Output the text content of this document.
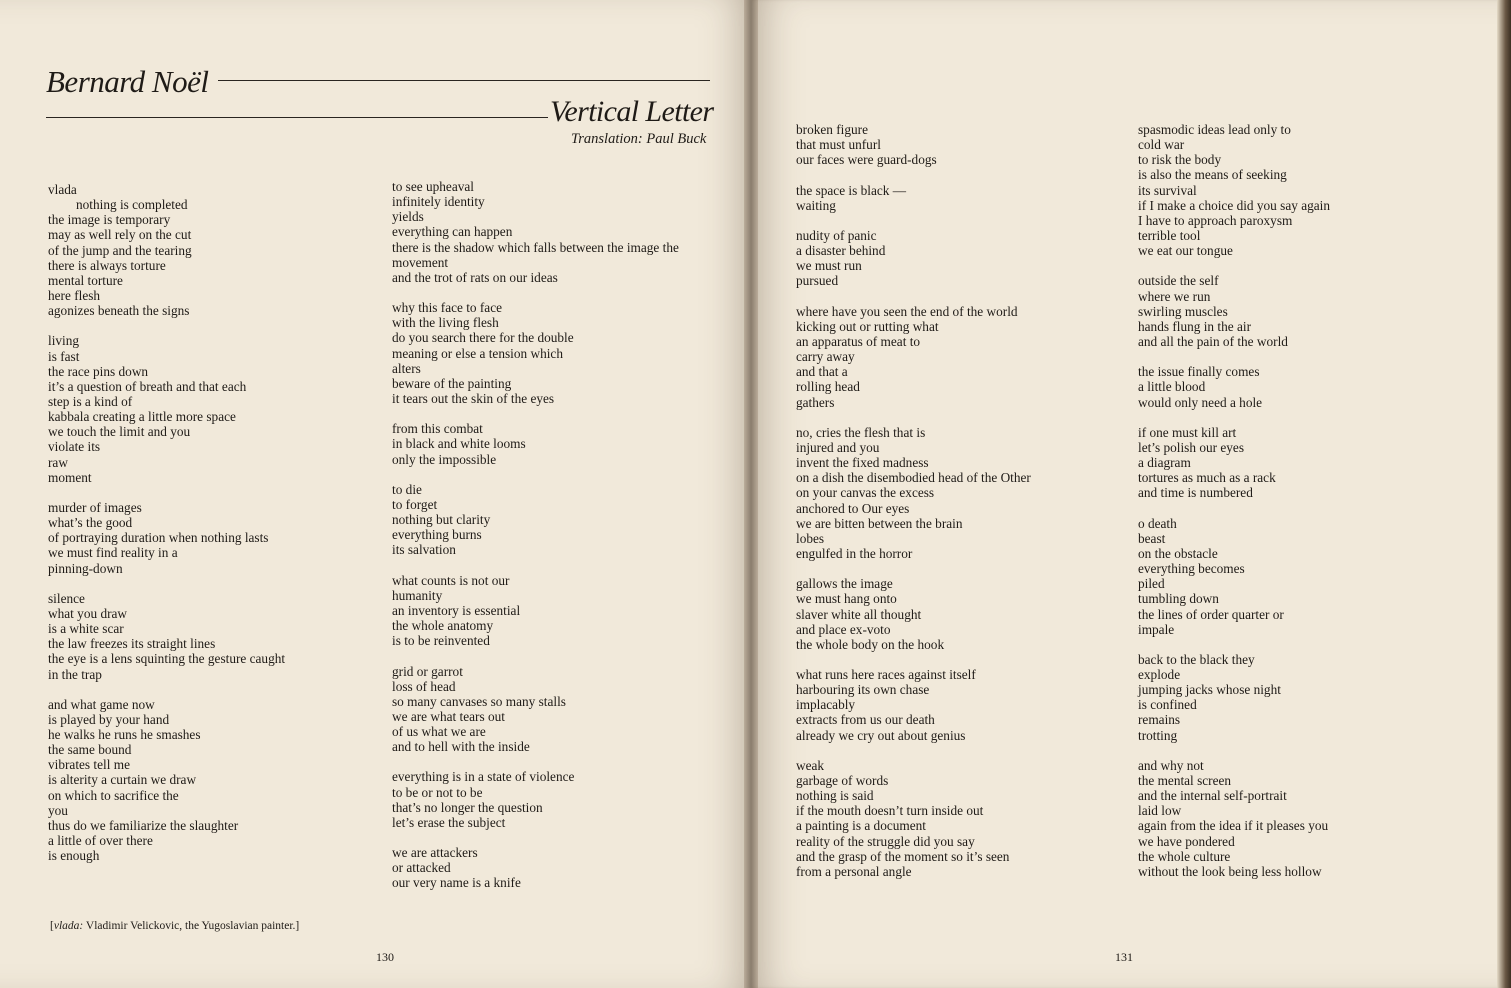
Bernard Noël
Vertical Letter
Translation: Paul Buck
vlada
nothing is completed
the image is temporary
may as well rely on the cut
of the jump and the tearing
there is always torture
mental torture
here flesh
agonizes beneath the signs

living
is fast
the race pins down
it’s a question of breath and that each
step is a kind of
kabbala creating a little more space
we touch the limit and you
violate its
raw
moment

murder of images
what’s the good
of portraying duration when nothing lasts
we must find reality in a
pinning-down

silence
what you draw
is a white scar
the law freezes its straight lines
the eye is a lens squinting the gesture caught
in the trap

and what game now
is played by your hand
he walks he runs he smashes
the same bound
vibrates tell me
is alterity a curtain we draw
on which to sacrifice the
you
thus do we familiarize the slaughter
a little of over there
is enough
to see upheaval
infinitely identity
yields
everything can happen
there is the shadow which falls between the image the
movement
and the trot of rats on our ideas

why this face to face
with the living flesh
do you search there for the double
meaning or else a tension which
alters
beware of the painting
it tears out the skin of the eyes

from this combat
in black and white looms
only the impossible

to die
to forget
nothing but clarity
everything burns
its salvation

what counts is not our
humanity
an inventory is essential
the whole anatomy
is to be reinvented

grid or garrot
loss of head
so many canvases so many stalls
we are what tears out
of us what we are
and to hell with the inside

everything is in a state of violence
to be or not to be
that’s no longer the question
let’s erase the subject

we are attackers
or attacked
our very name is a knife
[vlada: Vladimir Velickovic, the Yugoslavian painter.]
130
broken figure
that must unfurl
our faces were guard-dogs

the space is black —
waiting

nudity of panic
a disaster behind
we must run
pursued

where have you seen the end of the world
kicking out or rutting what
an apparatus of meat to
carry away
and that a
rolling head
gathers

no, cries the flesh that is
injured and you
invent the fixed madness
on a dish the disembodied head of the Other
on your canvas the excess
anchored to Our eyes
we are bitten between the brain
lobes
engulfed in the horror

gallows the image
we must hang onto
slaver white all thought
and place ex-voto
the whole body on the hook

what runs here races against itself
harbouring its own chase
implacably
extracts from us our death
already we cry out about genius

weak
garbage of words
nothing is said
if the mouth doesn’t turn inside out
a painting is a document
reality of the struggle did you say
and the grasp of the moment so it’s seen
from a personal angle
spasmodic ideas lead only to
cold war
to risk the body
is also the means of seeking
its survival
if I make a choice did you say again
I have to approach paroxysm
terrible tool
we eat our tongue

outside the self
where we run
swirling muscles
hands flung in the air
and all the pain of the world

the issue finally comes
a little blood
would only need a hole

if one must kill art
let’s polish our eyes
a diagram
tortures as much as a rack
and time is numbered

o death
beast
on the obstacle
everything becomes
piled
tumbling down
the lines of order quarter or
impale

back to the black they
explode
jumping jacks whose night
is confined
remains
trotting

and why not
the mental screen
and the internal self-portrait
laid low
again from the idea if it pleases you
we have pondered
the whole culture
without the look being less hollow
131
